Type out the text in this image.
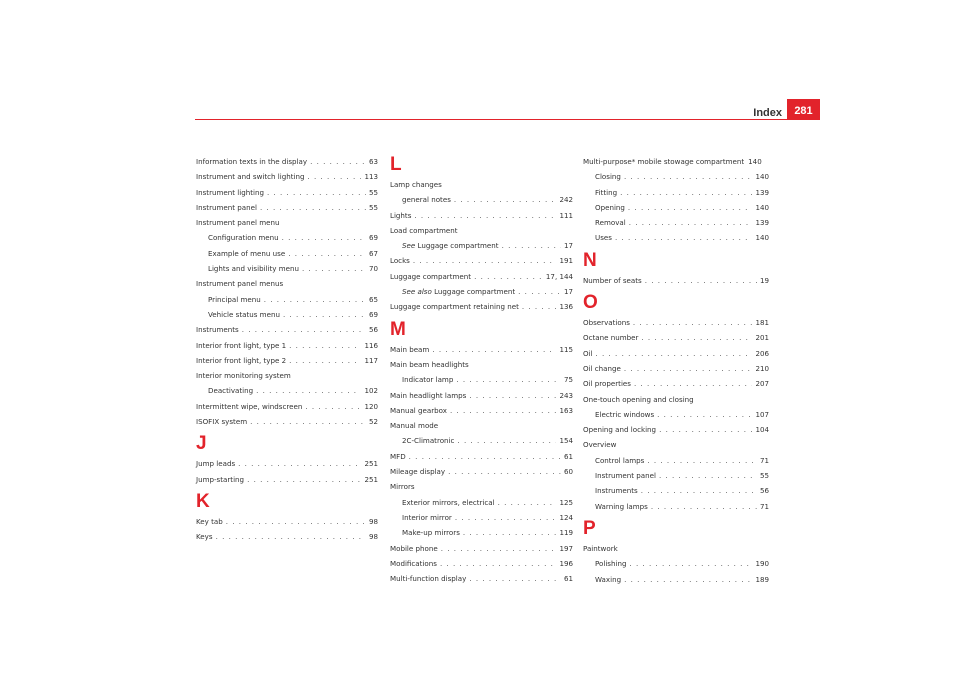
Index	281
Information texts in the display . . .	63
Instrument and switch lighting . . .	113
Instrument lighting . . .	55
Instrument panel . . .	55
Instrument panel menu
Configuration menu . . .	69
Example of menu use . . .	67
Lights and visibility menu . . .	70
Instrument panel menus
Principal menu . . .	65
Vehicle status menu . . .	69
Instruments . . .	56
Interior front light, type 1 . . .	116
Interior front light, type 2 . . .	117
Interior monitoring system
Deactivating . . .	102
Intermittent wipe, windscreen . . .	120
ISOFIX system . . .	52
J
Jump leads . . .	251
Jump-starting . . .	251
K
Key tab . . .	98
Keys . . .	98
L
Lamp changes
general notes . . .	242
Lights . . .	111
Load compartment
See Luggage compartment . . .	17
Locks . . .	191
Luggage compartment . . .	17, 144
See also Luggage compartment . . .	17
Luggage compartment retaining net . . .	136
M
Main beam . . .	115
Main beam headlights
Indicator lamp . . .	75
Main headlight lamps . . .	243
Manual gearbox . . .	163
Manual mode
2C-Climatronic . . .	154
MFD . . .	61
Mileage display . . .	60
Mirrors
Exterior mirrors, electrical . . .	125
Interior mirror . . .	124
Make-up mirrors . . .	119
Mobile phone . . .	197
Modifications . . .	196
Multi-function display . . .	61
Multi-purpose* mobile stowage compartment 140
Closing . . .	140
Fitting . . .	139
Opening . . .	140
Removal . . .	139
Uses . . .	140
N
Number of seats . . .	19
O
Observations . . .	181
Octane number . . .	201
Oil . . .	206
Oil change . . .	210
Oil properties . . .	207
One-touch opening and closing
Electric windows . . .	107
Opening and locking . . .	104
Overview
Control lamps . . .	71
Instrument panel . . .	55
Instruments . . .	56
Warning lamps . . .	71
P
Paintwork
Polishing . . .	190
Waxing . . .	189
